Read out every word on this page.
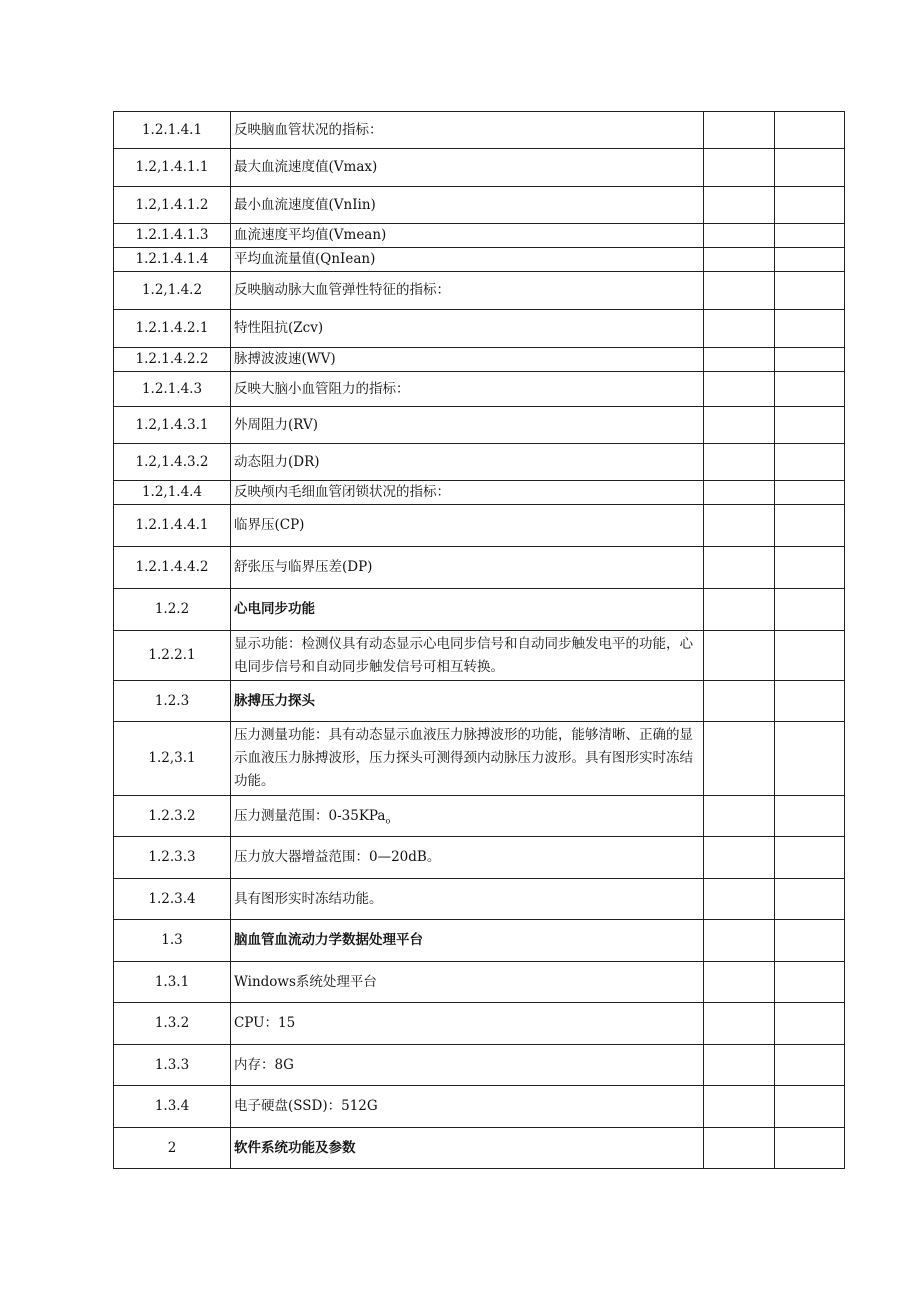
1.2.1.4.1	反映脑血管状况的指标：		
1.2,1.4.1.1	最大血流速度值(Vmax)		
1.2,1.4.1.2	最小血流速度值(VnIin)		
1.2.1.4.1.3	血流速度平均值(Vmean)		
1.2.1.4.1.4	平均血流量值(QnIean)		
1.2,1.4.2	反映脑动脉大血管弹性特征的指标：		
1.2.1.4.2.1	特性阻抗(Zcv)		
1.2.1.4.2.2	脉搏波波速(WV)		
1.2.1.4.3	反映大脑小血管阻力的指标：		
1.2,1.4.3.1	外周阻力(RV)		
1.2,1.4.3.2	动态阻力(DR)		
1.2,1.4.4	反映颅内毛细血管闭锁状况的指标：		
1.2.1.4.4.1	临界压(CP)		
1.2.1.4.4.2	舒张压与临界压差(DP)		
1.2.2	心电同步功能		
1.2.2.1	显示功能：检测仪具有动态显示心电同步信号和自动同步触发电平的功能，心电同步信号和自动同步触发信号可相互转换。		
1.2.3	脉搏压力探头		
1.2,3.1	压力测量功能：具有动态显示血液压力脉搏波形的功能，能够清晰、正确的显示血液压力脉搏波形，压力探头可测得颈内动脉压力波形。具有图形实时冻结功能。		
1.2.3.2	压力测量范围：0-35KPa$_o$		
1.2.3.3	压力放大器增益范围：0—20dB。		
1.2.3.4	具有图形实时冻结功能。		
1.3	脑血管血流动力学数据处理平台		
1.3.1	Windows系统处理平台		
1.3.2	CPU：15		
1.3.3	内存：8G		
1.3.4	电子硬盘(SSD)：512G		
2	软件系统功能及参数		
